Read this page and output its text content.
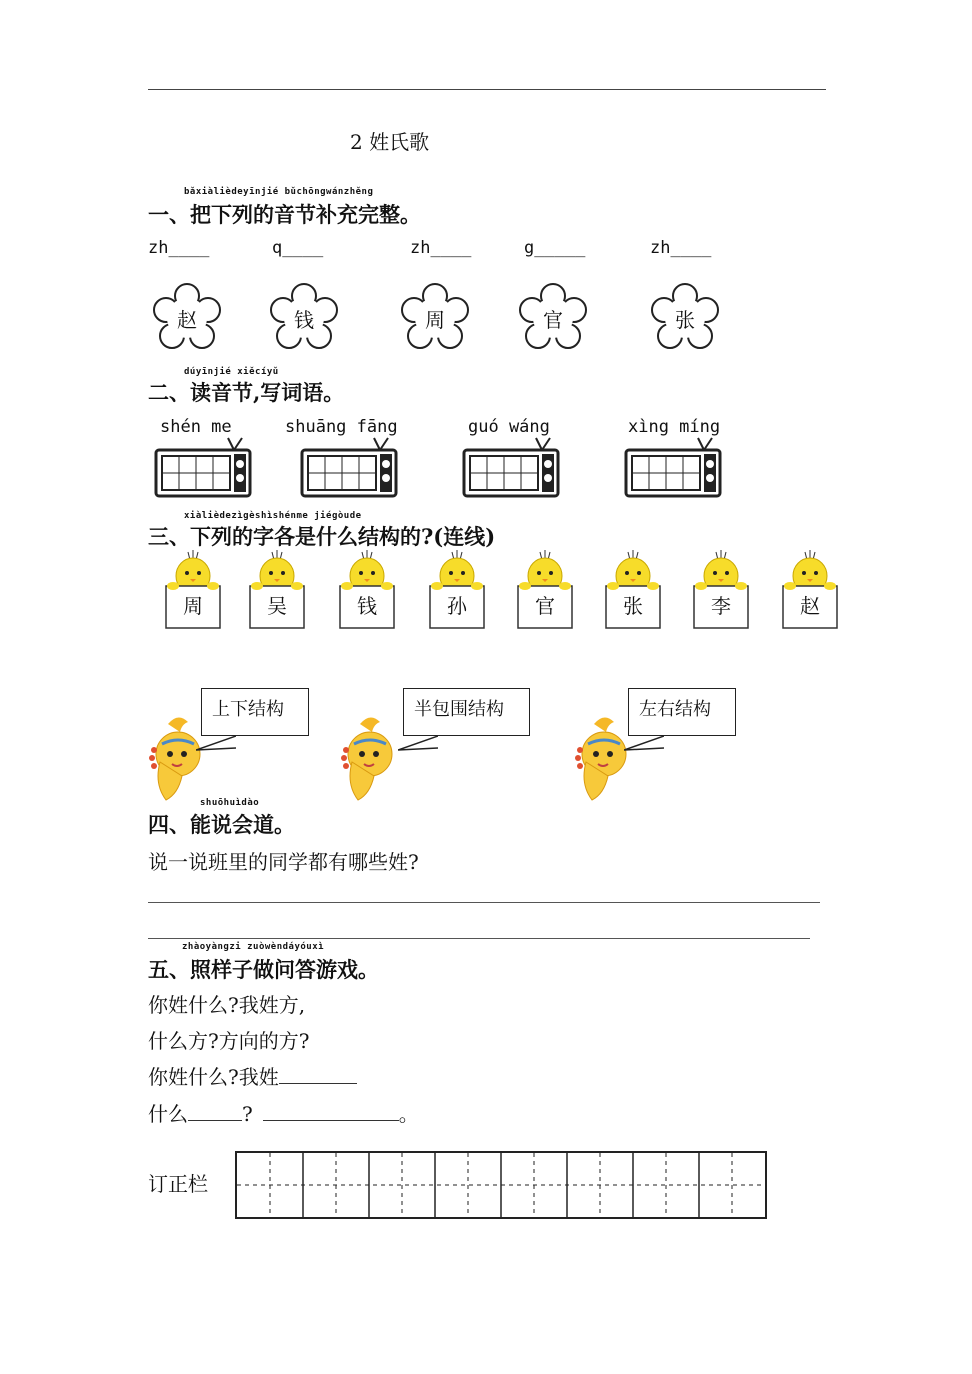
2 姓氏歌
bǎxiàlièdeyīnjié bǔchōngwánzhěng
一、把下列的音节补充完整。
zh____	q____	zh____	g_____	zh____
赵	钱	周	官	张
dúyīnjié xiěcíyǔ
二、读音节,写词语。
shén me	shuāng fāng	guó wáng	xìng míng
xiàlièdezìgèshìshénme jiégòude
三、下列的字各是什么结构的?(连线)
周	吴	钱	孙	官	张	李	赵
上下结构	半包围结构	左右结构
shuōhuìdào
四、能说会道。
说一说班里的同学都有哪些姓?
zhàoyàngzi zuòwèndáyóuxì
五、照样子做问答游戏。
你姓什么?我姓方,
什么方?方向的方?
你姓什么?我姓
什么	?	。
订正栏
